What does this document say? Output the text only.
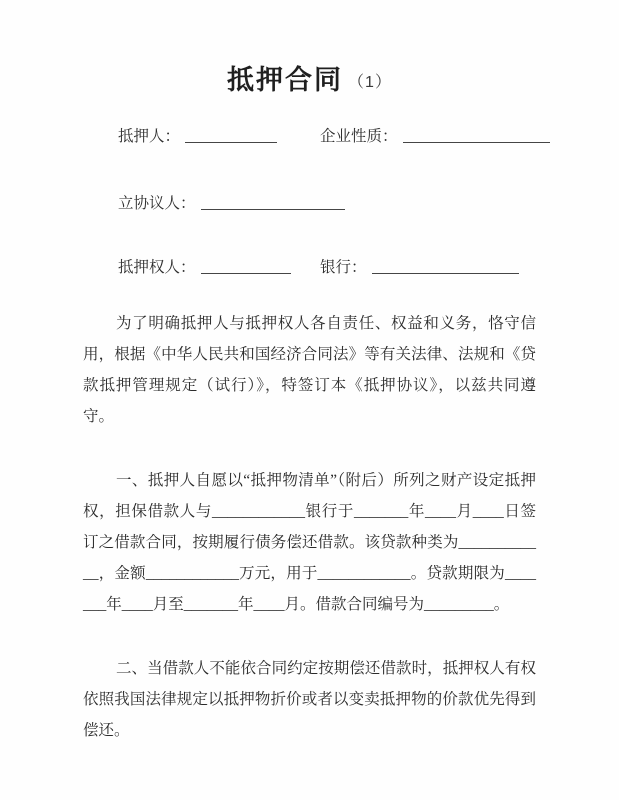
抵押合同 （1）
抵押人：	企业性质：
立协议人：
抵押权人：	银行：

为了明确抵押人与抵押权人各自责任、权益和义务，恪守信用，根据《中华人民共和国经济合同法》等有关法律、法规和《贷款抵押管理规定（试行）》，特签订本《抵押协议》，以兹共同遵守。

一、抵押人自愿以“抵押物清单”（附后）所列之财产设定抵押权，担保借款人与____________银行于_______年____月____日签订之借款合同，按期履行债务偿还借款。该贷款种类为____________，金额____________万元，用于____________。贷款期限为_______年____月至_______年____月。借款合同编号为_________。

二、当借款人不能依合同约定按期偿还借款时，抵押权人有权依照我国法律规定以抵押物折价或者以变卖抵押物的价款优先得到偿还。
